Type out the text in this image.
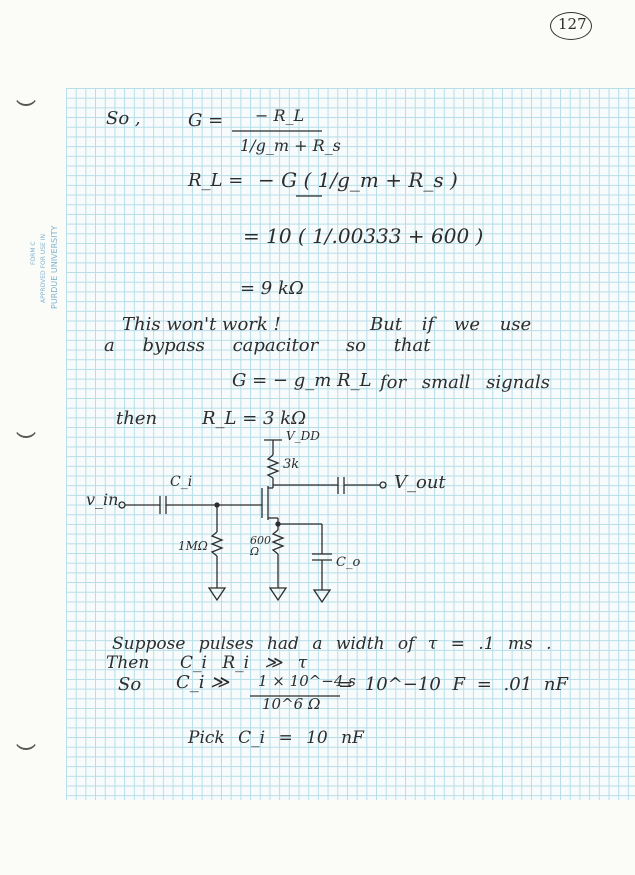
FORM C APPROVED FOR USE IN PURDUE UNIVERSITY
127
So ,	G = − R_L
1/g_m + R_s
R_L = − G ( 1/g_m + R_s )
= 10 ( 1/.00333 + 600 )
= 9 kΩ
This won't work !	But if we use
a bypass capacitor so that
G = − g_m R_L for small signals
then R_L = 3 kΩ
V_DD
3k
V_out
v_in
C_i
1MΩ	600 Ω
C_o
Suppose pulses had a width of τ = .1 ms .
Then C_i R_i ≫ τ
So C_i ≫ 1 × 10^−4 s
10^6 Ω
= 10^−10 F = .01 nF
Pick C_i = 10 nF
